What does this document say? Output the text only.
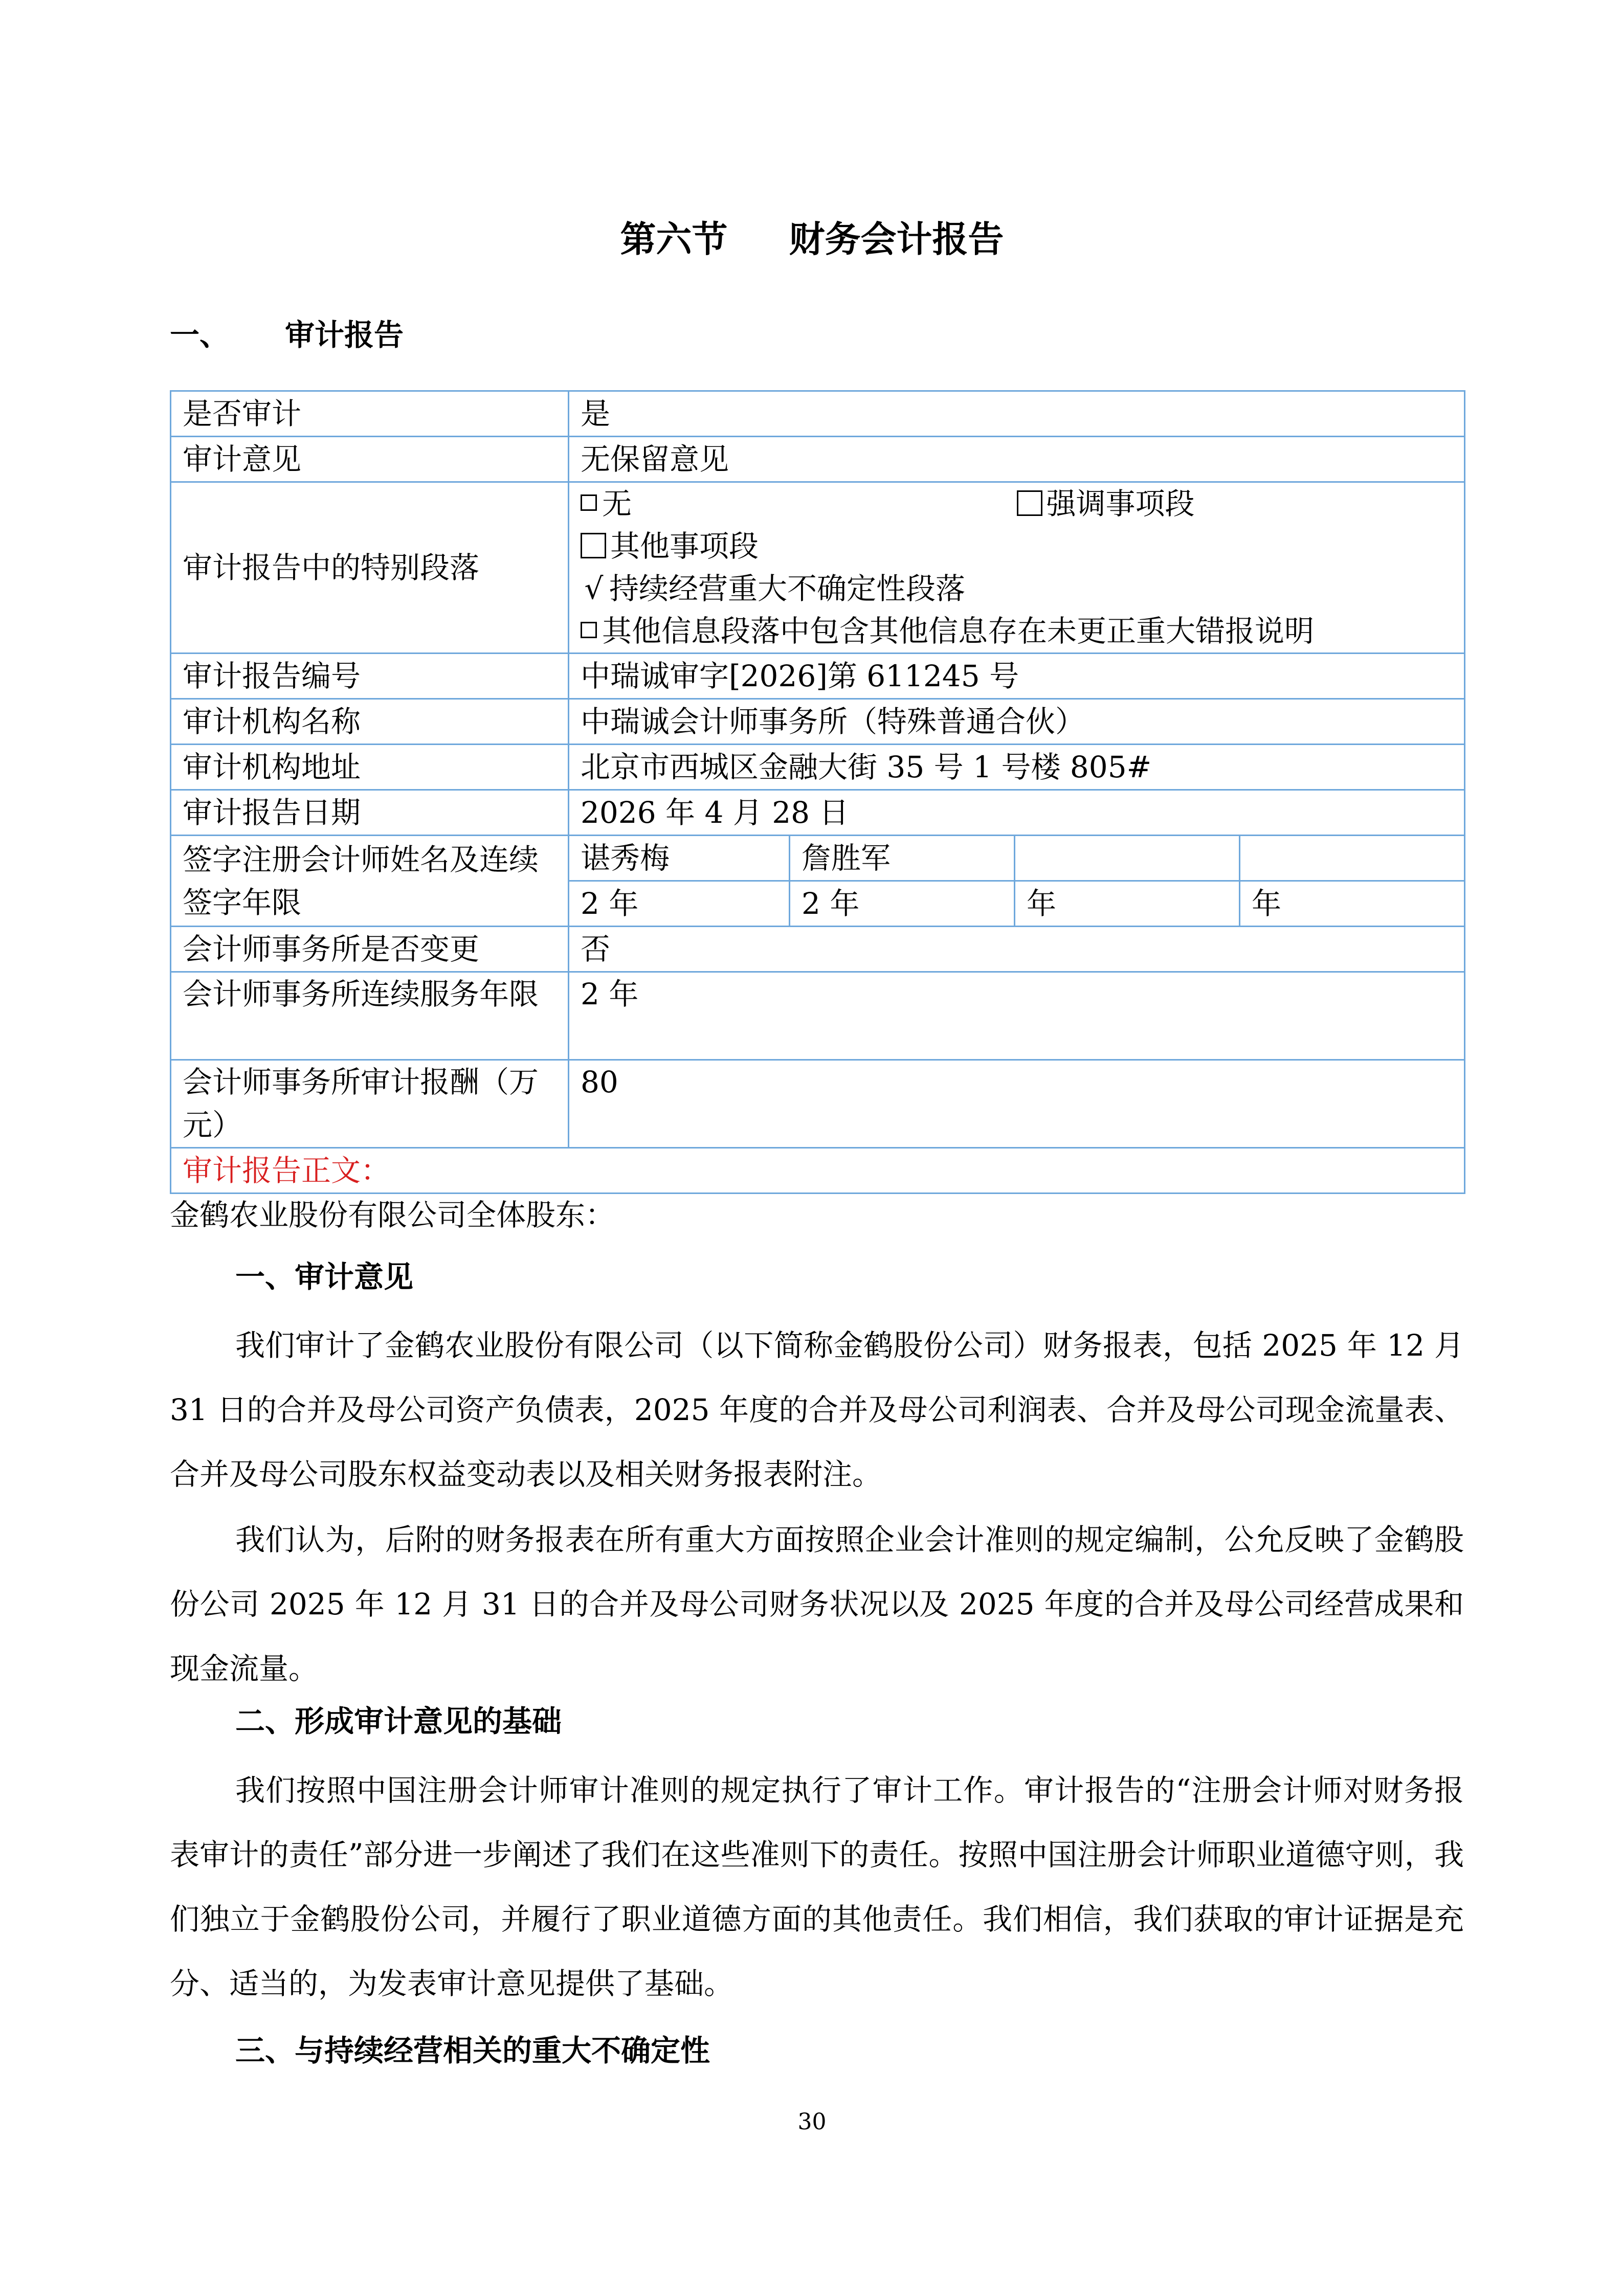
第六节 财务会计报告
一、 审计报告
是否审计	是			
审计意见	无保留意见			
审计报告中的特别段落	无 强调事项段
其他事项段
√ 持续经营重大不确定性段落
其他信息段落中包含其他信息存在未更正重大错报说明			

审计报告编号	中瑞诚审字[2026]第 611245 号			
审计机构名称	中瑞诚会计师事务所（特殊普通合伙）			
审计机构地址	北京市西城区金融大街 35 号 1 号楼 805#			
审计报告日期	2026 年 4 月 28 日			
签字注册会计师姓名及连续签字年限	谌秀梅	詹胜军		
	2 年	2 年	年	年
会计师事务所是否变更	否			
会计师事务所连续服务年限	2 年			
会计师事务所审计报酬（万元）	80			
审计报告正文：				
金鹤农业股份有限公司全体股东：
一、审计意见

我们审计了金鹤农业股份有限公司（以下简称金鹤股份公司）财务报表，包括 2025 年 12 月 31 日的合并及母公司资产负债表，2025 年度的合并及母公司利润表、合并及母公司现金流量表、合并及母公司股东权益变动表以及相关财务报表附注。

我们认为，后附的财务报表在所有重大方面按照企业会计准则的规定编制，公允反映了金鹤股份公司 2025 年 12 月 31 日的合并及母公司财务状况以及 2025 年度的合并及母公司经营成果和现金流量。

二、形成审计意见的基础

我们按照中国注册会计师审计准则的规定执行了审计工作。审计报告的“注册会计师对财务报表审计的责任”部分进一步阐述了我们在这些准则下的责任。按照中国注册会计师职业道德守则，我们独立于金鹤股份公司，并履行了职业道德方面的其他责任。我们相信，我们获取的审计证据是充分、适当的，为发表审计意见提供了基础。

三、与持续经营相关的重大不确定性
30
